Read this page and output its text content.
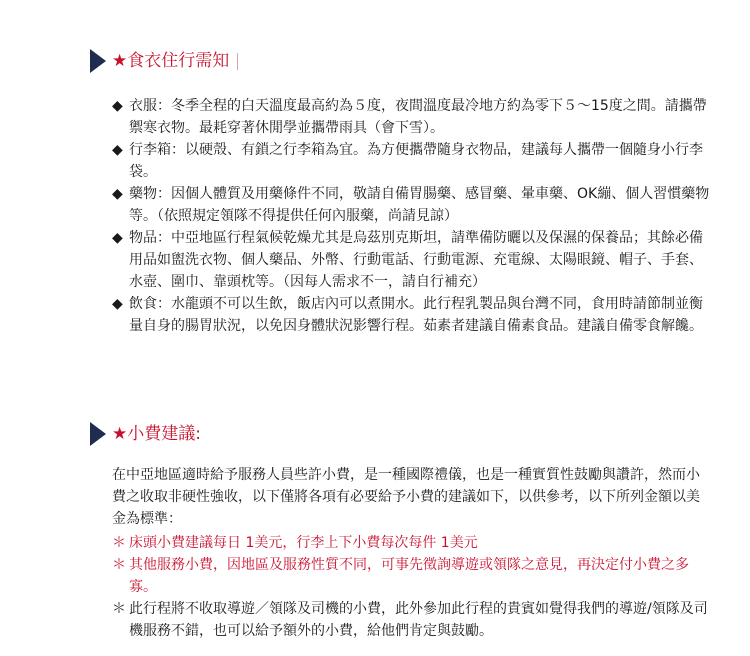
★食衣住行需知
◆ 衣服：冬季全程的白天溫度最高約為５度，夜間溫度最冷地方約為零下５～15度之間。請攜帶禦寒衣物。最耗穿著休閒學並攜帶雨具（會下雪）。
◆ 行李箱：以硬殼、有鎖之行李箱為宜。為方便攜帶隨身衣物品，建議每人攜帶一個隨身小行李袋。
◆ 藥物：因個人體質及用藥條件不同，敬請自備胃腸藥、感冒藥、暈車藥、OK繃、個人習慣藥物等。（依照規定領隊不得提供任何內服藥，尚請見諒）
◆ 物品：中亞地區行程氣候乾燥尤其是烏茲別克斯坦，請準備防曬以及保濕的保養品；其餘必備用品如盥洗衣物、個人藥品、外幣、行動電話、行動電源、充電線、太陽眼鏡、帽子、手套、水壺、圍巾、靠頭枕等。（因每人需求不一，請自行補充）
◆ 飲食：水龍頭不可以生飲，飯店內可以煮開水。此行程乳製品與台灣不同，食用時請節制並衡量自身的腸胃狀況，以免因身體狀況影響行程。茹素者建議自備素食品。建議自備零食解饞。
★小費建議:

在中亞地區適時給予服務人員些許小費，是一種國際禮儀，也是一種實質性鼓勵與讚許，然而小費之收取非硬性強收，以下僅將各項有必要給予小費的建議如下，以供參考，以下所列金額以美金為標準：

＊ 床頭小費建議每日 1美元，行李上下小費每次每件 1美元
＊ 其他服務小費，因地區及服務性質不同，可事先徵詢導遊或領隊之意見，再決定付小費之多寡。
＊ 此行程將不收取導遊／領隊及司機的小費，此外參加此行程的貴賓如覺得我們的導遊/領隊及司機服務不錯，也可以給予額外的小費，給他們肯定與鼓勵。
